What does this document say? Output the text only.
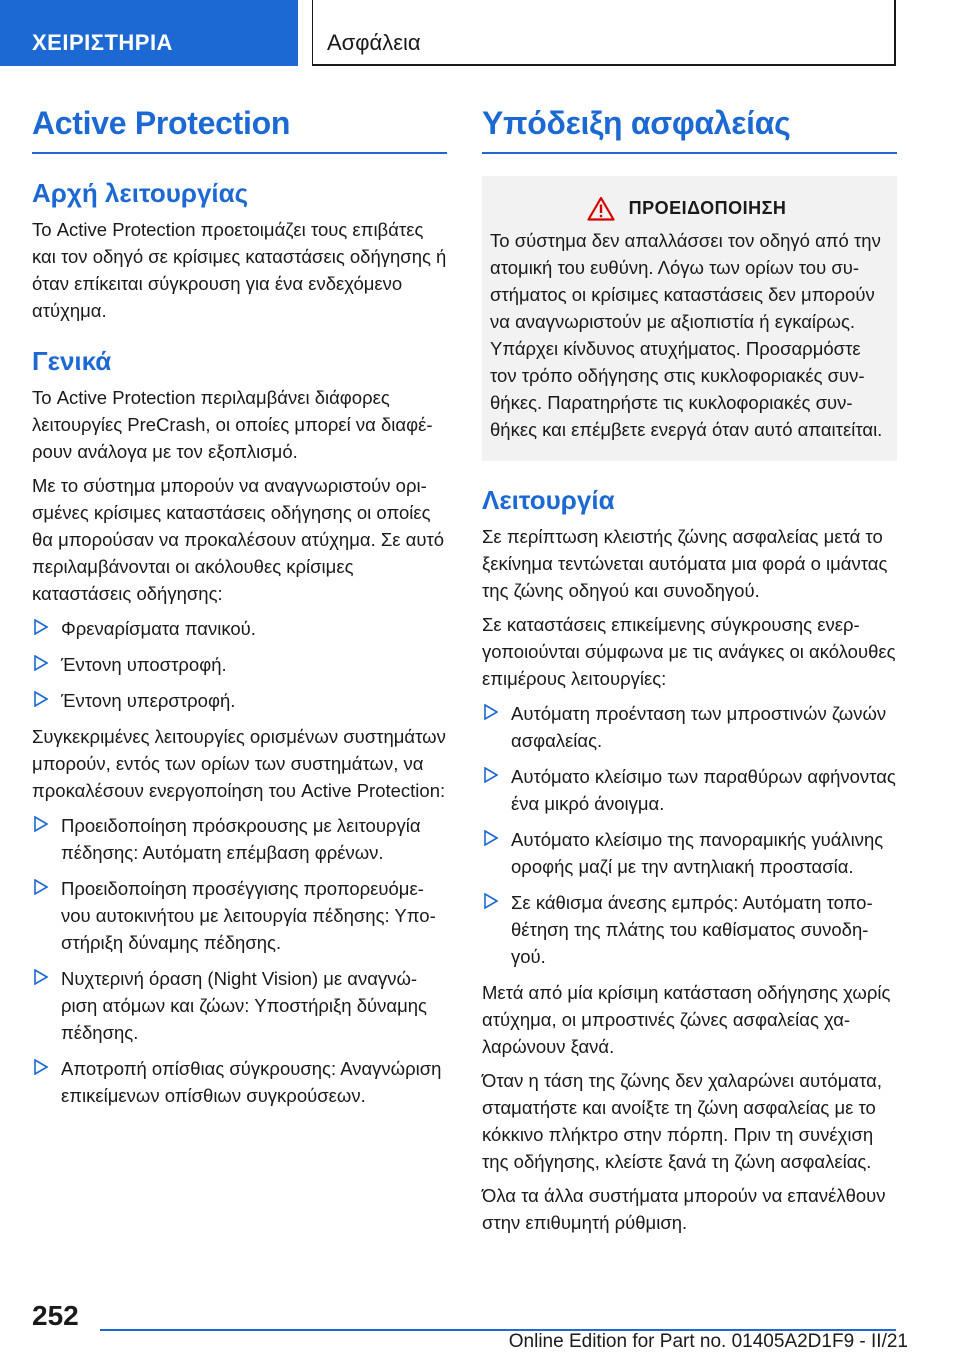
ΧΕΙΡΙΣΤΗΡΙΑ	Ασφάλεια
Active Protection
Αρχή λειτουργίας

Το Active Protection προετοιμάζει τους επιβάτες και τον οδηγό σε κρίσιμες καταστάσεις οδήγησης ή όταν επίκειται σύγκρουση για ένα ενδεχόμενο ατύχημα.

Γενικά

Το Active Protection περιλαμβάνει διάφορες λειτουργίες PreCrash, οι οποίες μπορεί να διαφέρουν ανάλογα με τον εξοπλισμό.

Με το σύστημα μπορούν να αναγνωριστούν ορισμένες κρίσιμες καταστάσεις οδήγησης οι οποίες θα μπορούσαν να προκαλέσουν ατύχημα. Σε αυτό περιλαμβάνονται οι ακόλουθες κρίσιμες καταστάσεις οδήγησης:

Φρεναρίσματα πανικού.
Έντονη υποστροφή.
Έντονη υπερστροφή.

Συγκεκριμένες λειτουργίες ορισμένων συστημάτων μπορούν, εντός των ορίων των συστημάτων, να προκαλέσουν ενεργοποίηση του Active Protection:

Προειδοποίηση πρόσκρουσης με λειτουργία πέδησης: Αυτόματη επέμβαση φρένων.
Προειδοποίηση προσέγγισης προπορευόμενου αυτοκινήτου με λειτουργία πέδησης: Υποστήριξη δύναμης πέδησης.
Νυχτερινή όραση (Night Vision) με αναγνώριση ατόμων και ζώων: Υποστήριξη δύναμης πέδησης.
Αποτροπή οπίσθιας σύγκρουσης: Αναγνώριση επικείμενων οπίσθιων συγκρούσεων.
Υπόδειξη ασφαλείας
ΠΡΟΕΙΔΟΠΟΙΗΣΗ

Το σύστημα δεν απαλλάσσει τον οδηγό από την ατομική του ευθύνη. Λόγω των ορίων του συστήματος οι κρίσιμες καταστάσεις δεν μπορούν να αναγνωριστούν με αξιοπιστία ή εγκαίρως. Υπάρχει κίνδυνος ατυχήματος. Προσαρμόστε τον τρόπο οδήγησης στις κυκλοφοριακές συνθήκες. Παρατηρήστε τις κυκλοφοριακές συνθήκες και επέμβετε ενεργά όταν αυτό απαιτείται.

Λειτουργία

Σε περίπτωση κλειστής ζώνης ασφαλείας μετά το ξεκίνημα τεντώνεται αυτόματα μια φορά ο ιμάντας της ζώνης οδηγού και συνοδηγού.

Σε καταστάσεις επικείμενης σύγκρουσης ενεργοποιούνται σύμφωνα με τις ανάγκες οι ακόλουθες επιμέρους λειτουργίες:

Αυτόματη προένταση των μπροστινών ζωνών ασφαλείας.
Αυτόματο κλείσιμο των παραθύρων αφήνοντας ένα μικρό άνοιγμα.
Αυτόματο κλείσιμο της πανοραμικής γυάλινης οροφής μαζί με την αντηλιακή προστασία.
Σε κάθισμα άνεσης εμπρός: Αυτόματη τοποθέτηση της πλάτης του καθίσματος συνοδηγού.

Μετά από μία κρίσιμη κατάσταση οδήγησης χωρίς ατύχημα, οι μπροστινές ζώνες ασφαλείας χαλαρώνουν ξανά.

Όταν η τάση της ζώνης δεν χαλαρώνει αυτόματα, σταματήστε και ανοίξτε τη ζώνη ασφαλείας με το κόκκινο πλήκτρο στην πόρπη. Πριν τη συνέχιση της οδήγησης, κλείστε ξανά τη ζώνη ασφαλείας.

Όλα τα άλλα συστήματα μπορούν να επανέλθουν στην επιθυμητή ρύθμιση.

252
Online Edition for Part no. 01405A2D1F9 - II/21
